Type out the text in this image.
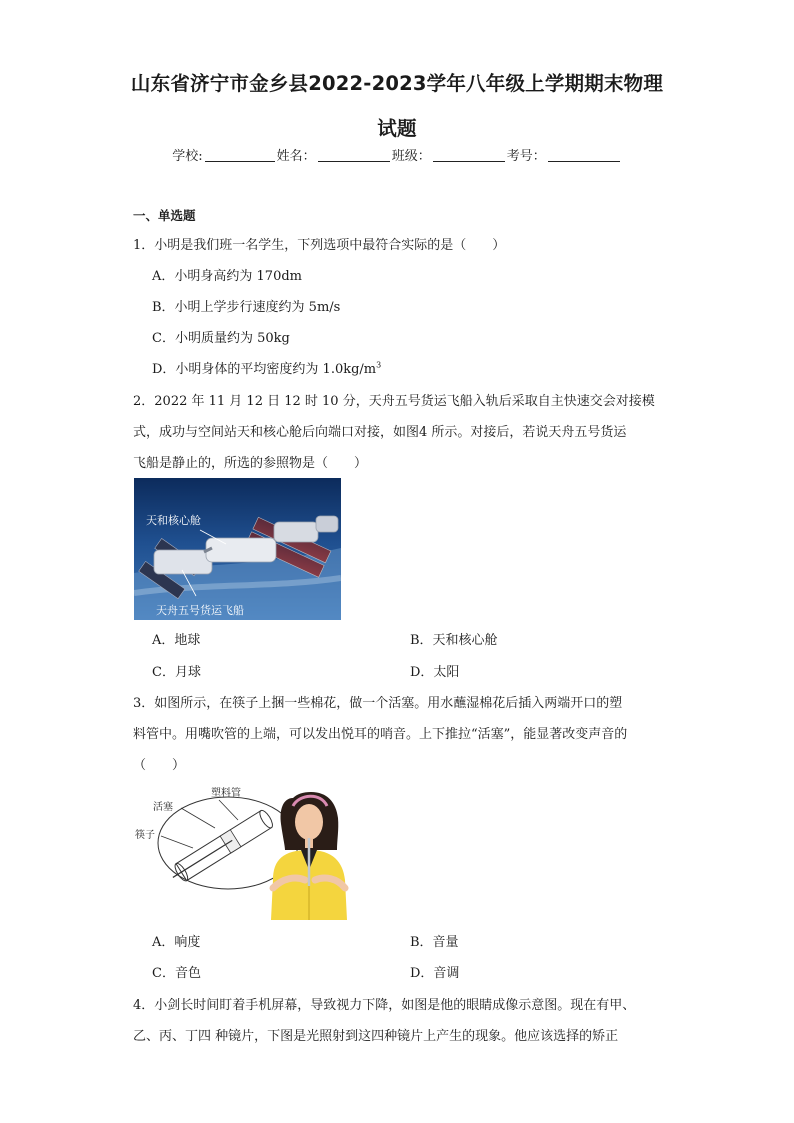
山东省济宁市金乡县2022-2023学年八年级上学期期末物理
试题
学校:	姓名：	班级：	考号：
一、单选题
1．小明是我们班一名学生，下列选项中最符合实际的是（　　）
A．小明身高约为 170dm
B．小明上学步行速度约为 5m/s
C．小明质量约为 50kg
D．小明身体的平均密度约为 $1.0kg/m^3$
2．2022 年 11 月 12 日 12 时 10 分，天舟五号货运飞船入轨后采取自主快速交会对接模
式，成功与空间站天和核心舱后向端口对接，如图4 所示。对接后，若说天舟五号货运
飞船是静止的，所选的参照物是（　　）
天和核心舱
天舟五号货运飞船
A．地球	B．天和核心舱
C．月球	D．太阳
3．如图所示，在筷子上捆一些棉花，做一个活塞。用水蘸湿棉花后插入两端开口的塑
料管中。用嘴吹管的上端，可以发出悦耳的哨音。上下推拉“活塞”，能显著改变声音的
（　　）
塑料管
活塞
筷子
A．响度	B．音量
C．音色	D．音调
4．小剑长时间盯着手机屏幕，导致视力下降，如图是他的眼睛成像示意图。现在有甲、
乙、丙、丁四 种镜片，下图是光照射到这四种镜片上产生的现象。他应该选择的矫正
